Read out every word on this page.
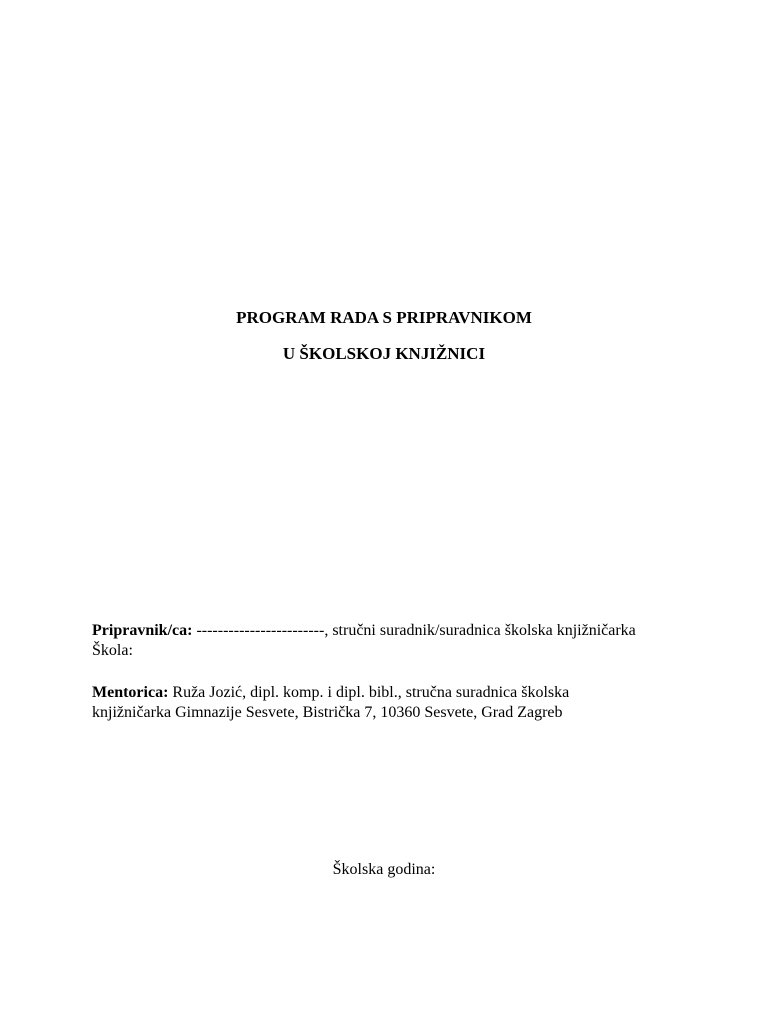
PROGRAM RADA S PRIPRAVNIKOM
U ŠKOLSKOJ KNJIŽNICI

Pripravnik/ca: ------------------------, stručni suradnik/suradnica školska knjižničarka

Škola:

Mentorica: Ruža Jozić, dipl. komp. i dipl. bibl., stručna suradnica školska

knjižničarka Gimnazije Sesvete, Bistrička 7, 10360 Sesvete, Grad Zagreb

Školska godina:
